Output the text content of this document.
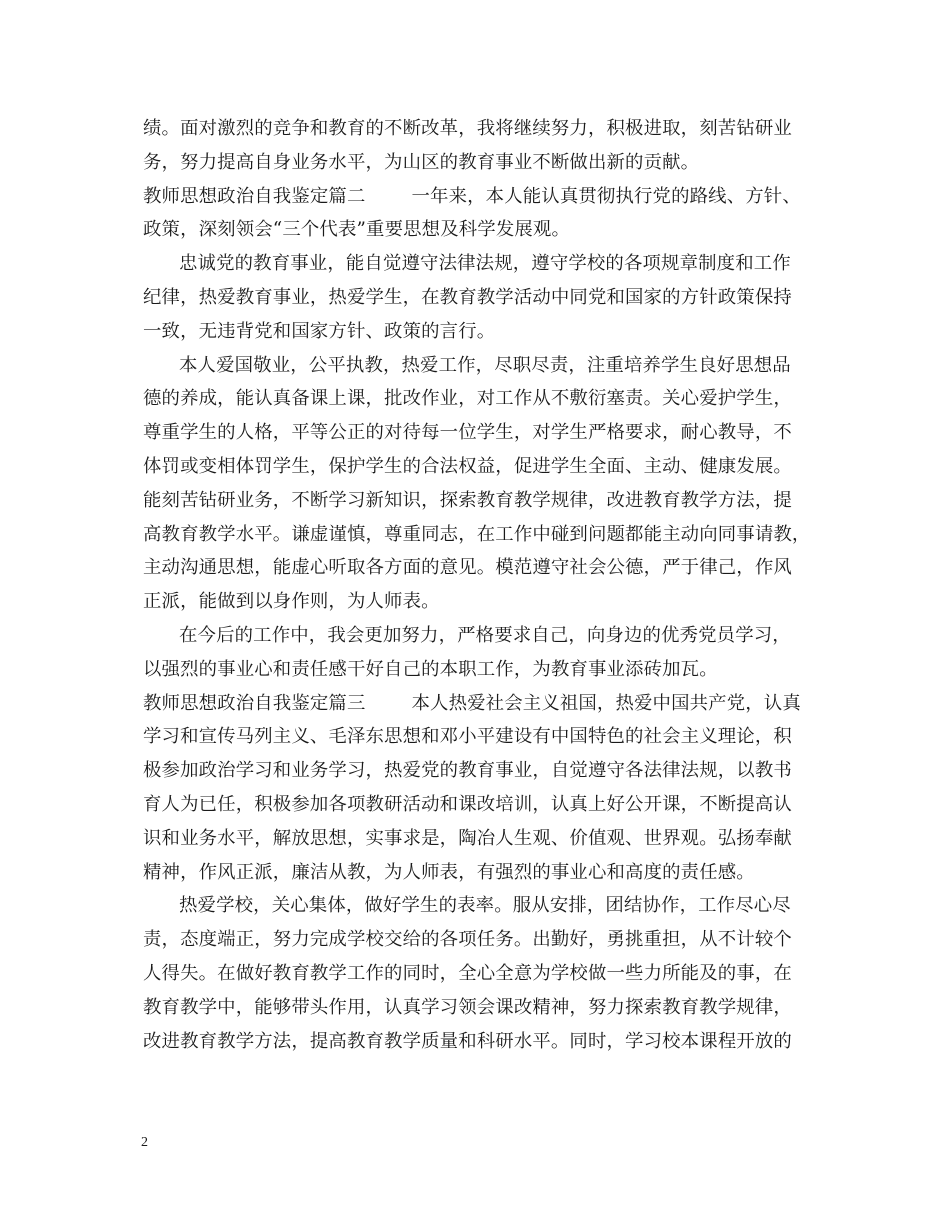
绩。面对激烈的竞争和教育的不断改革，我将继续努力，积极进取，刻苦钻研业
务，努力提高自身业务水平，为山区的教育事业不断做出新的贡献。
教师思想政治自我鉴定篇二	一年来，本人能认真贯彻执行党的路线、方针、
政策，深刻领会“三个代表”重要思想及科学发展观。
忠诚党的教育事业，能自觉遵守法律法规，遵守学校的各项规章制度和工作
纪律，热爱教育事业，热爱学生，在教育教学活动中同党和国家的方针政策保持
一致，无违背党和国家方针、政策的言行。
本人爱国敬业，公平执教，热爱工作，尽职尽责，注重培养学生良好思想品
德的养成，能认真备课上课，批改作业，对工作从不敷衍塞责。关心爱护学生，
尊重学生的人格，平等公正的对待每一位学生，对学生严格要求，耐心教导，不
体罚或变相体罚学生，保护学生的合法权益，促进学生全面、主动、健康发展。
能刻苦钻研业务，不断学习新知识，探索教育教学规律，改进教育教学方法，提
高教育教学水平。谦虚谨慎，尊重同志，在工作中碰到问题都能主动向同事请教，
主动沟通思想，能虚心听取各方面的意见。模范遵守社会公德，严于律己，作风
正派，能做到以身作则，为人师表。
在今后的工作中，我会更加努力，严格要求自己，向身边的优秀党员学习，
以强烈的事业心和责任感干好自己的本职工作，为教育事业添砖加瓦。
教师思想政治自我鉴定篇三	本人热爱社会主义祖国，热爱中国共产党，认真
学习和宣传马列主义、毛泽东思想和邓小平建设有中国特色的社会主义理论，积
极参加政治学习和业务学习，热爱党的教育事业，自觉遵守各法律法规，以教书
育人为已任，积极参加各项教研活动和课改培训，认真上好公开课，不断提高认
识和业务水平，解放思想，实事求是，陶冶人生观、价值观、世界观。弘扬奉献
精神，作风正派，廉洁从教，为人师表，有强烈的事业心和高度的责任感。
热爱学校，关心集体，做好学生的表率。服从安排，团结协作，工作尽心尽
责，态度端正，努力完成学校交给的各项任务。出勤好，勇挑重担，从不计较个
人得失。在做好教育教学工作的同时，全心全意为学校做一些力所能及的事，在
教育教学中，能够带头作用，认真学习领会课改精神，努力探索教育教学规律，
改进教育教学方法，提高教育教学质量和科研水平。同时，学习校本课程开放的
2
